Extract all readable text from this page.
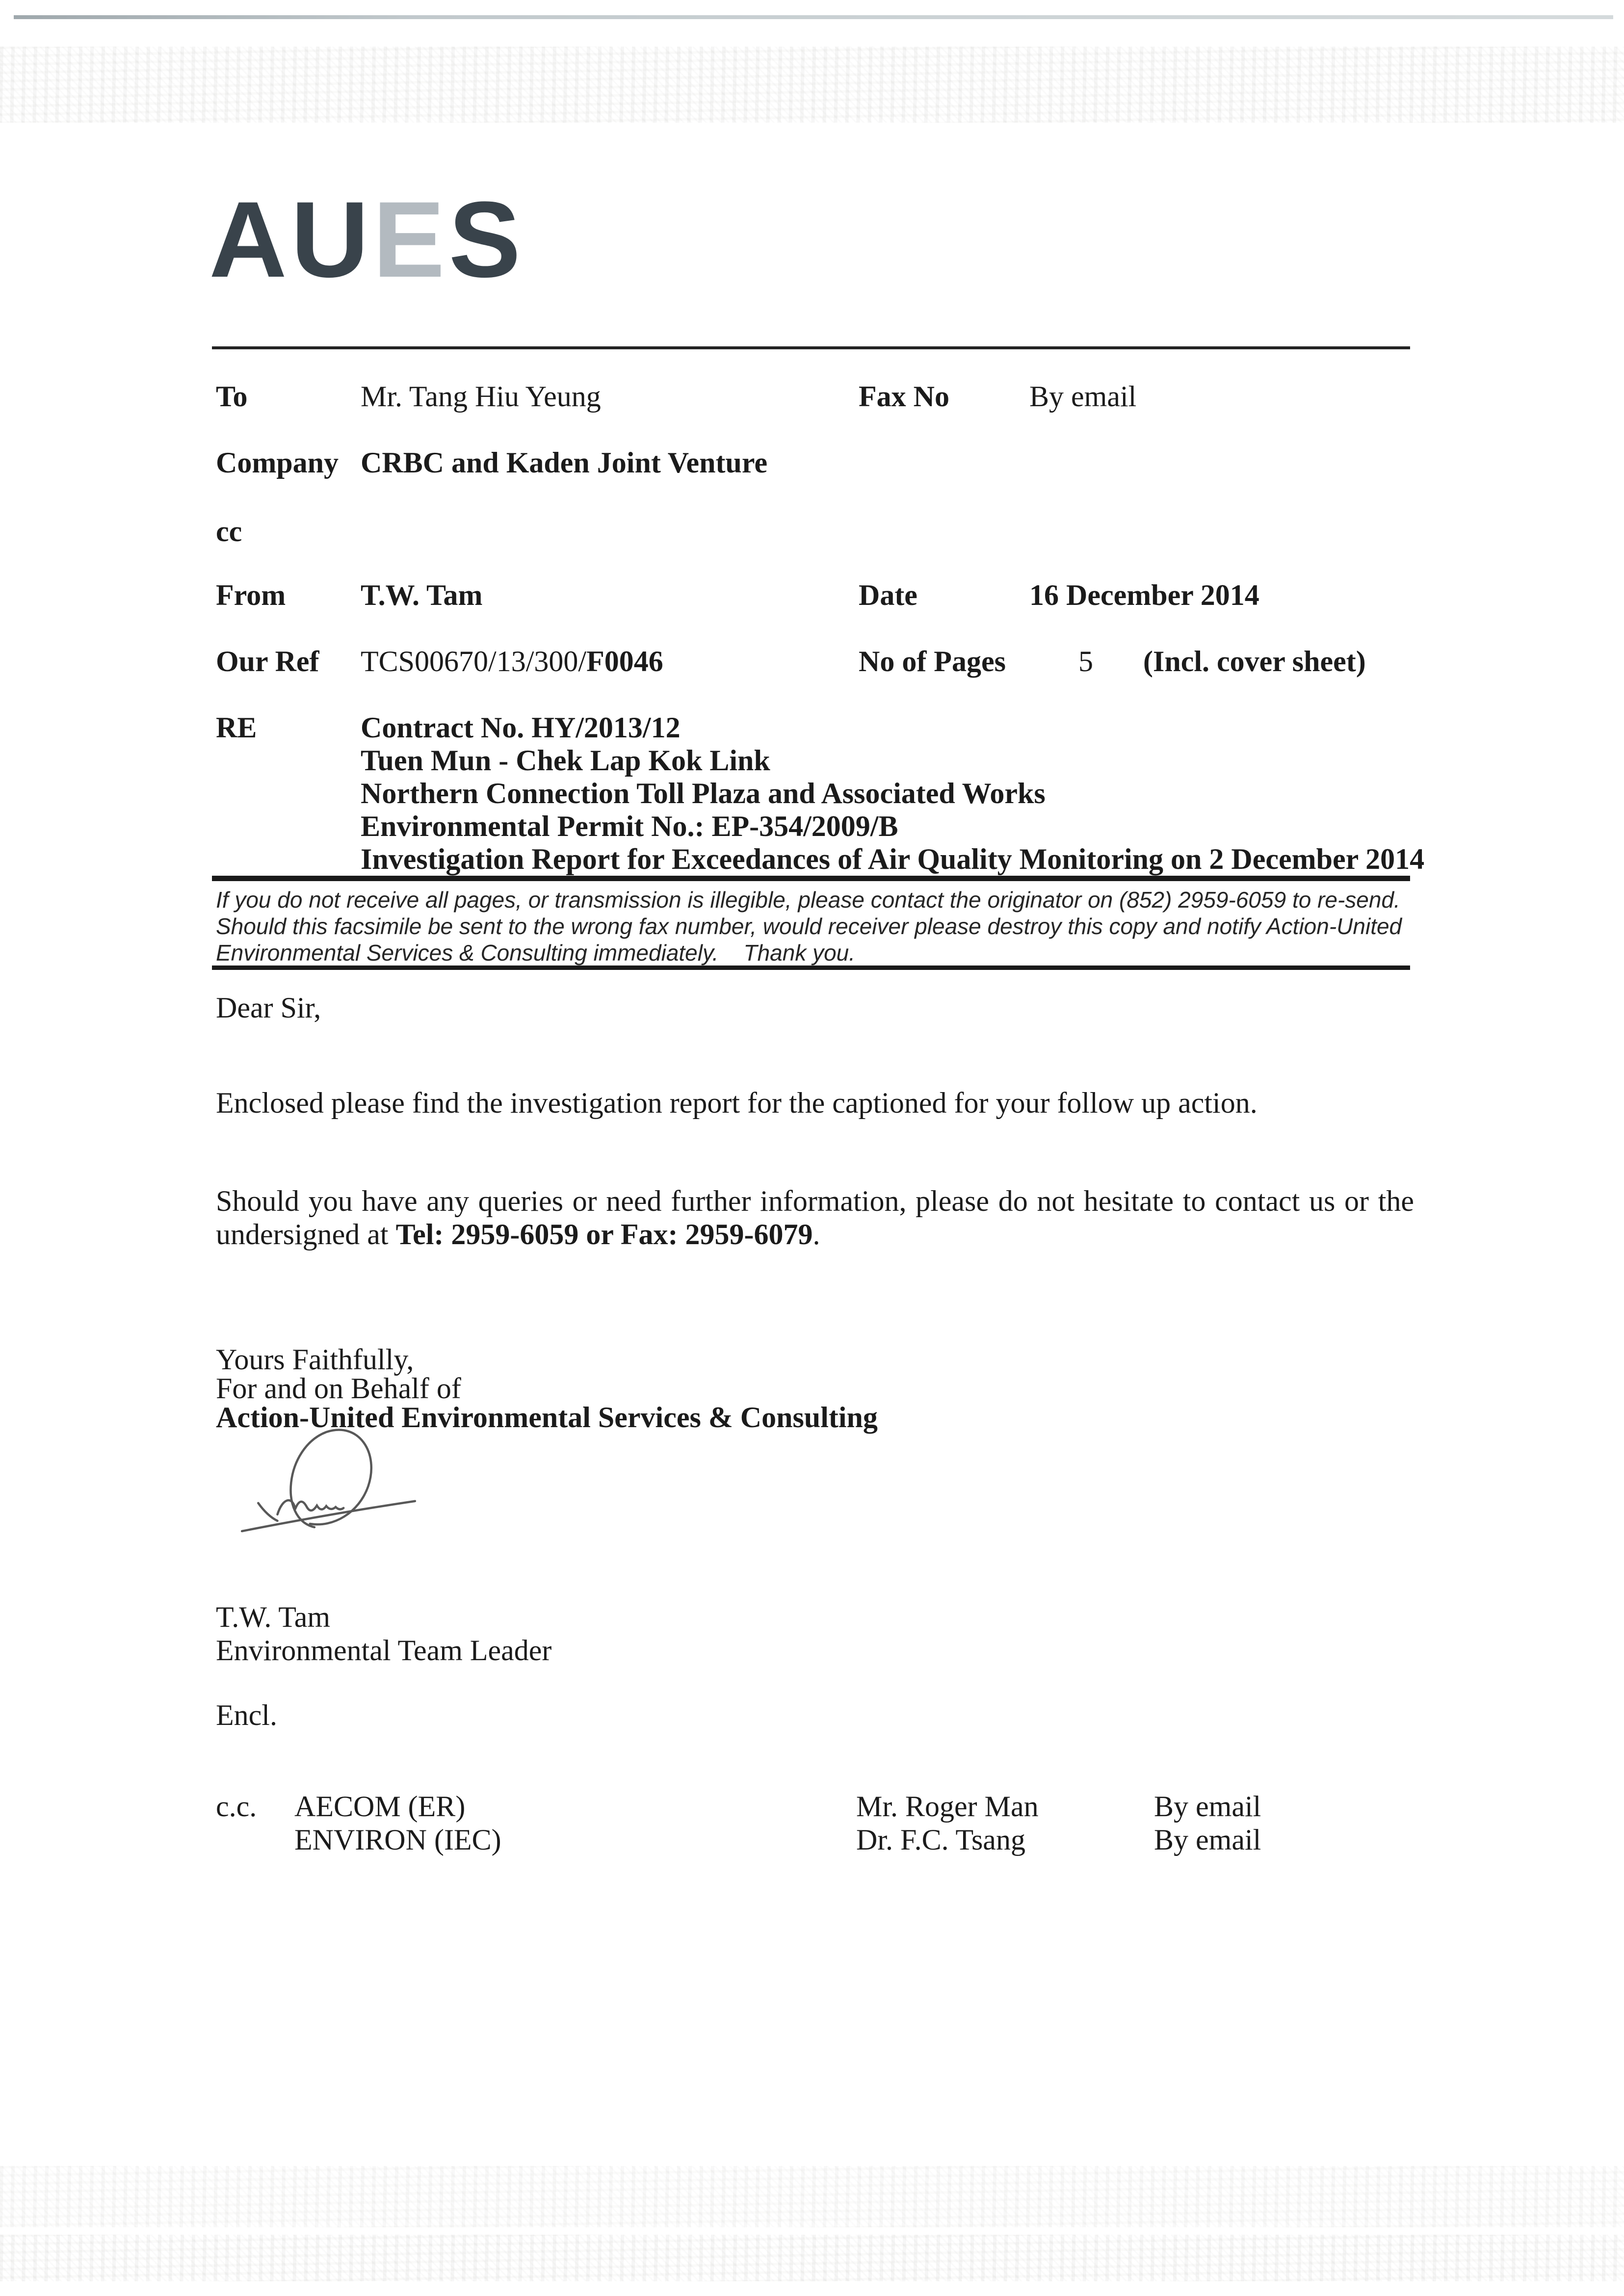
AUES
To	Mr. Tang Hiu Yeung	Fax No	By email
Company CRBC and Kaden Joint Venture
cc
From	T.W. Tam	Date	16 December 2014
Our Ref TCS00670/13/300/F0046	No of Pages 5 (Incl. cover sheet)
RE	Contract No. HY/2013/12
Tuen Mun - Chek Lap Kok Link
Northern Connection Toll Plaza and Associated Works
Environmental Permit No.: EP-354/2009/B
Investigation Report for Exceedances of Air Quality Monitoring on 2 December 2014
If you do not receive all pages, or transmission is illegible, please contact the originator on (852) 2959-6059 to re-send.
Should this facsimile be sent to the wrong fax number, would receiver please destroy this copy and notify Action-United
Environmental Services & Consulting immediately.    Thank you.
Dear Sir,
Enclosed please find the investigation report for the captioned for your follow up action.
Should you have any queries or need further information, please do not hesitate to contact us or the
undersigned at Tel: 2959-6059 or Fax: 2959-6079.
Yours Faithfully,
For and on Behalf of
Action-United Environmental Services & Consulting
T.W. Tam
Environmental Team Leader
Encl.
c.c. AECOM (ER)	Mr. Roger Man	By email
ENVIRON (IEC)	Dr. F.C. Tsang	By email
